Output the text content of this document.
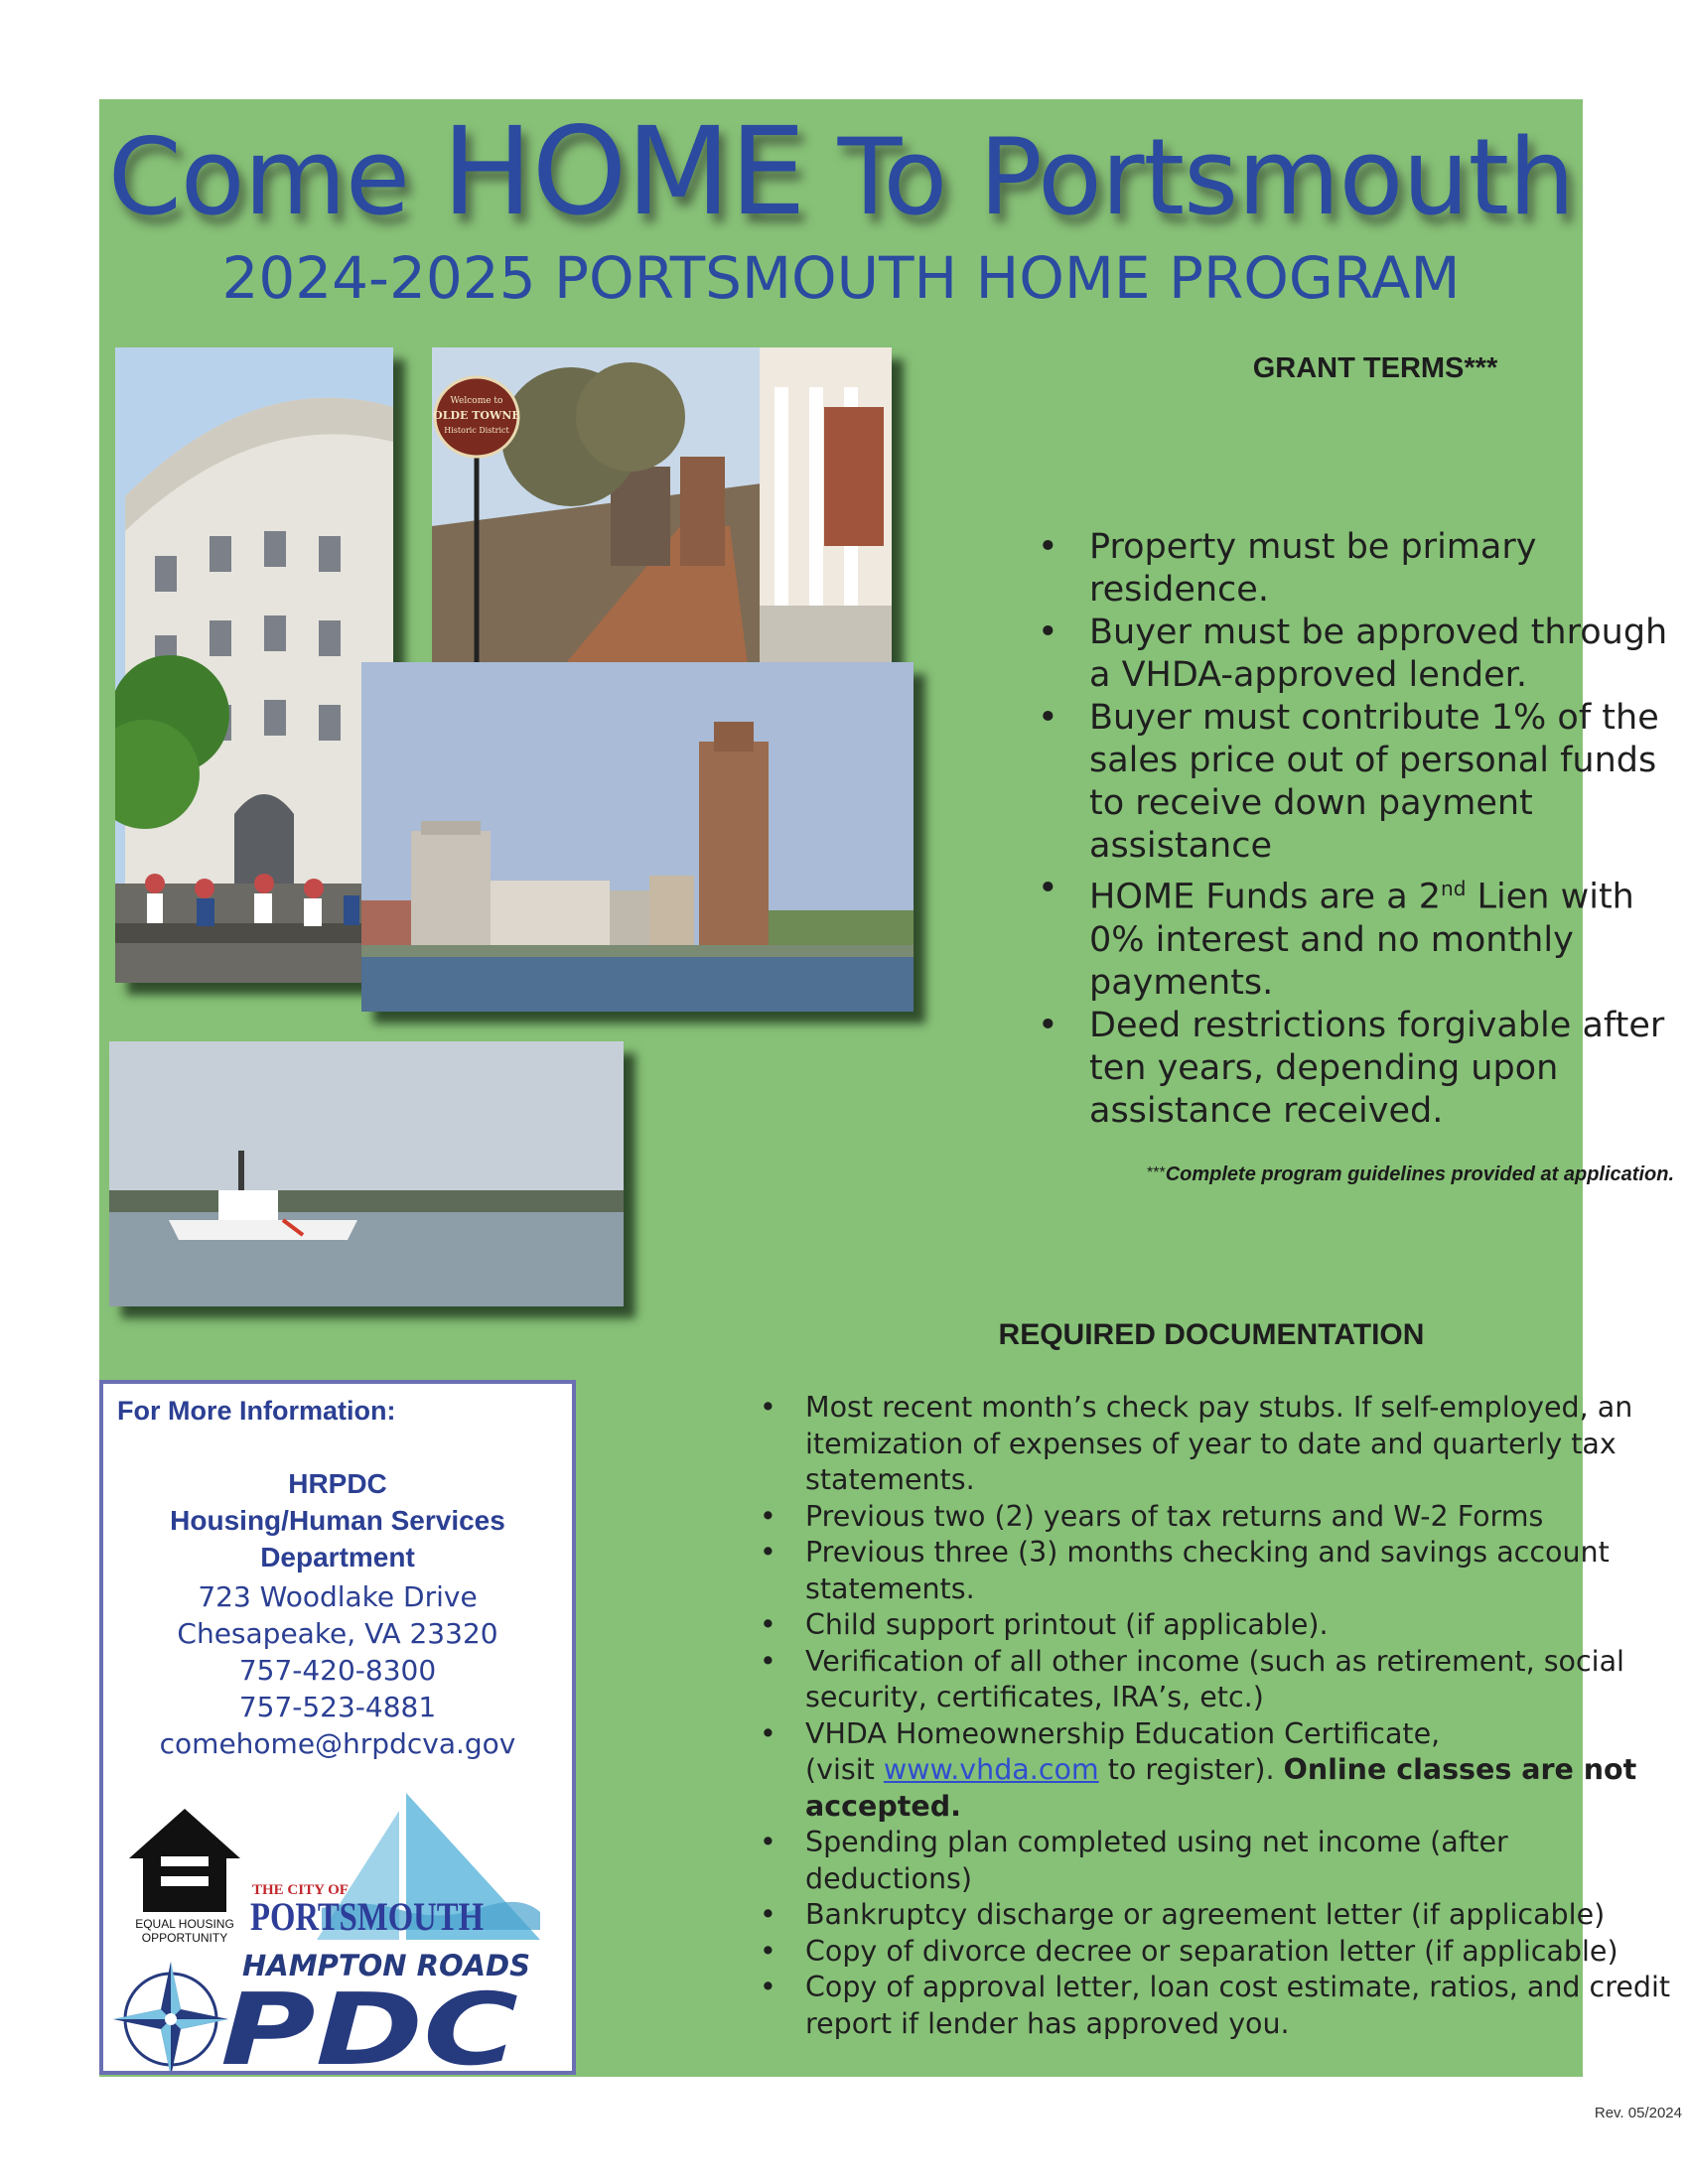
Come HOME To Portsmouth
2024-2025 PORTSMOUTH HOME PROGRAM
Welcome to
OLDE TOWNE
Historic District
GRANT TERMS***
• Property must be primary residence.
• Buyer must be approved through a VHDA-approved lender.
• Buyer must contribute 1% of the sales price out of personal funds to receive down payment assistance
• HOME Funds are a 2nd Lien with 0% interest and no monthly payments.
• Deed restrictions forgivable after ten years, depending upon assistance received.
***Complete program guidelines provided at application.
REQUIRED DOCUMENTATION
• Most recent month’s check pay stubs. If self-employed, an itemization of expenses of year to date and quarterly tax statements.
• Previous two (2) years of tax returns and W-2 Forms
• Previous three (3) months checking and savings account statements.
• Child support printout (if applicable).
• Verification of all other income (such as retirement, social security, certificates, IRA’s, etc.)
• VHDA Homeownership Education Certificate,
(visit www.vhda.com to register). Online classes are not accepted.
• Spending plan completed using net income (after deductions)
• Bankruptcy discharge or agreement letter (if applicable)
• Copy of divorce decree or separation letter (if applicable)
• Copy of approval letter, loan cost estimate, ratios, and credit report if lender has approved you.
Rev. 05/2024
For More Information:
HRPDC
Housing/Human Services
Department
723 Woodlake Drive
Chesapeake, VA 23320
757-420-8300
757-523-4881
comehome@hrpdcva.gov
EQUAL HOUSING
OPPORTUNITY
THE CITY OF
PORTSMOUTH
HAMPTON ROADS
PDC
